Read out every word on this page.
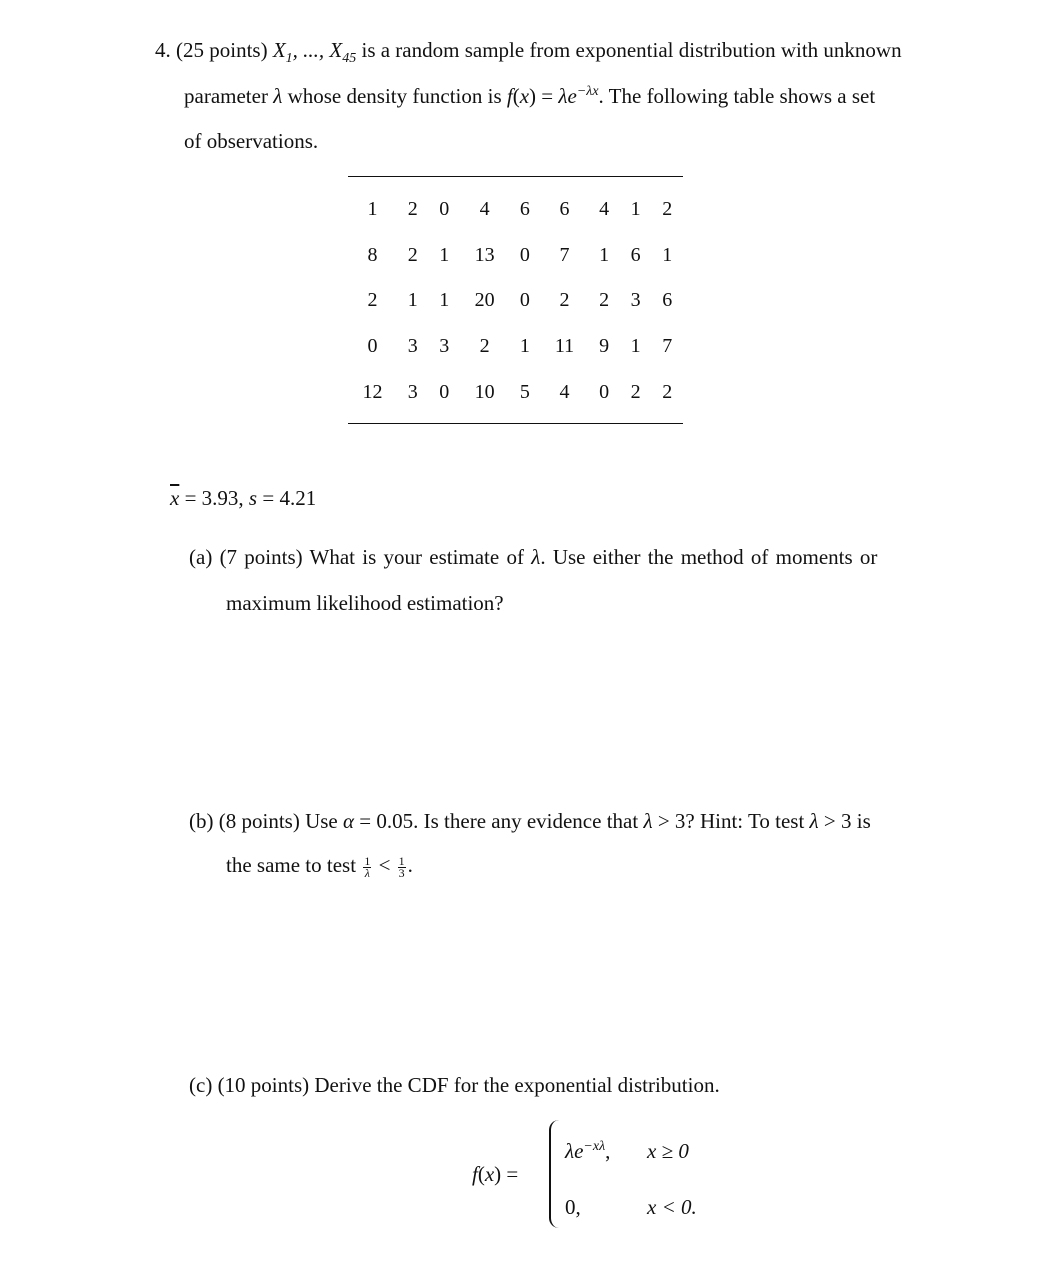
4. (25 points) $X_1$, ..., $X_{45}$ is a random sample from exponential distribution with unknown
parameter λ whose density function is $f(x) = \lambda e^{-\lambda x}$. The following table shows a set
of observations.
1	2	0	4	6	6	4	1	2
8	2	1	13	0	7	1	6	1
2	1	1	20	0	2	2	3	6
0	3	3	2	1	11	9	1	7
12	3	0	10	5	4	0	2	2
$\overline{x} = 3.93$, s = 4.21
(a) (7 points) What is your estimate of λ. Use either the method of moments or
maximum likelihood estimation?
(b) (8 points) Use α = 0.05. Is there any evidence that λ > 3? Hint: To test λ > 3 is
the same to test $\frac{1}{\lambda} < \frac{1}{3}$ .
(c) (10 points) Derive the CDF for the exponential distribution.
f(x) =
$\lambda e^{-x\lambda}$, x ≥ 0
0,	x < 0.
